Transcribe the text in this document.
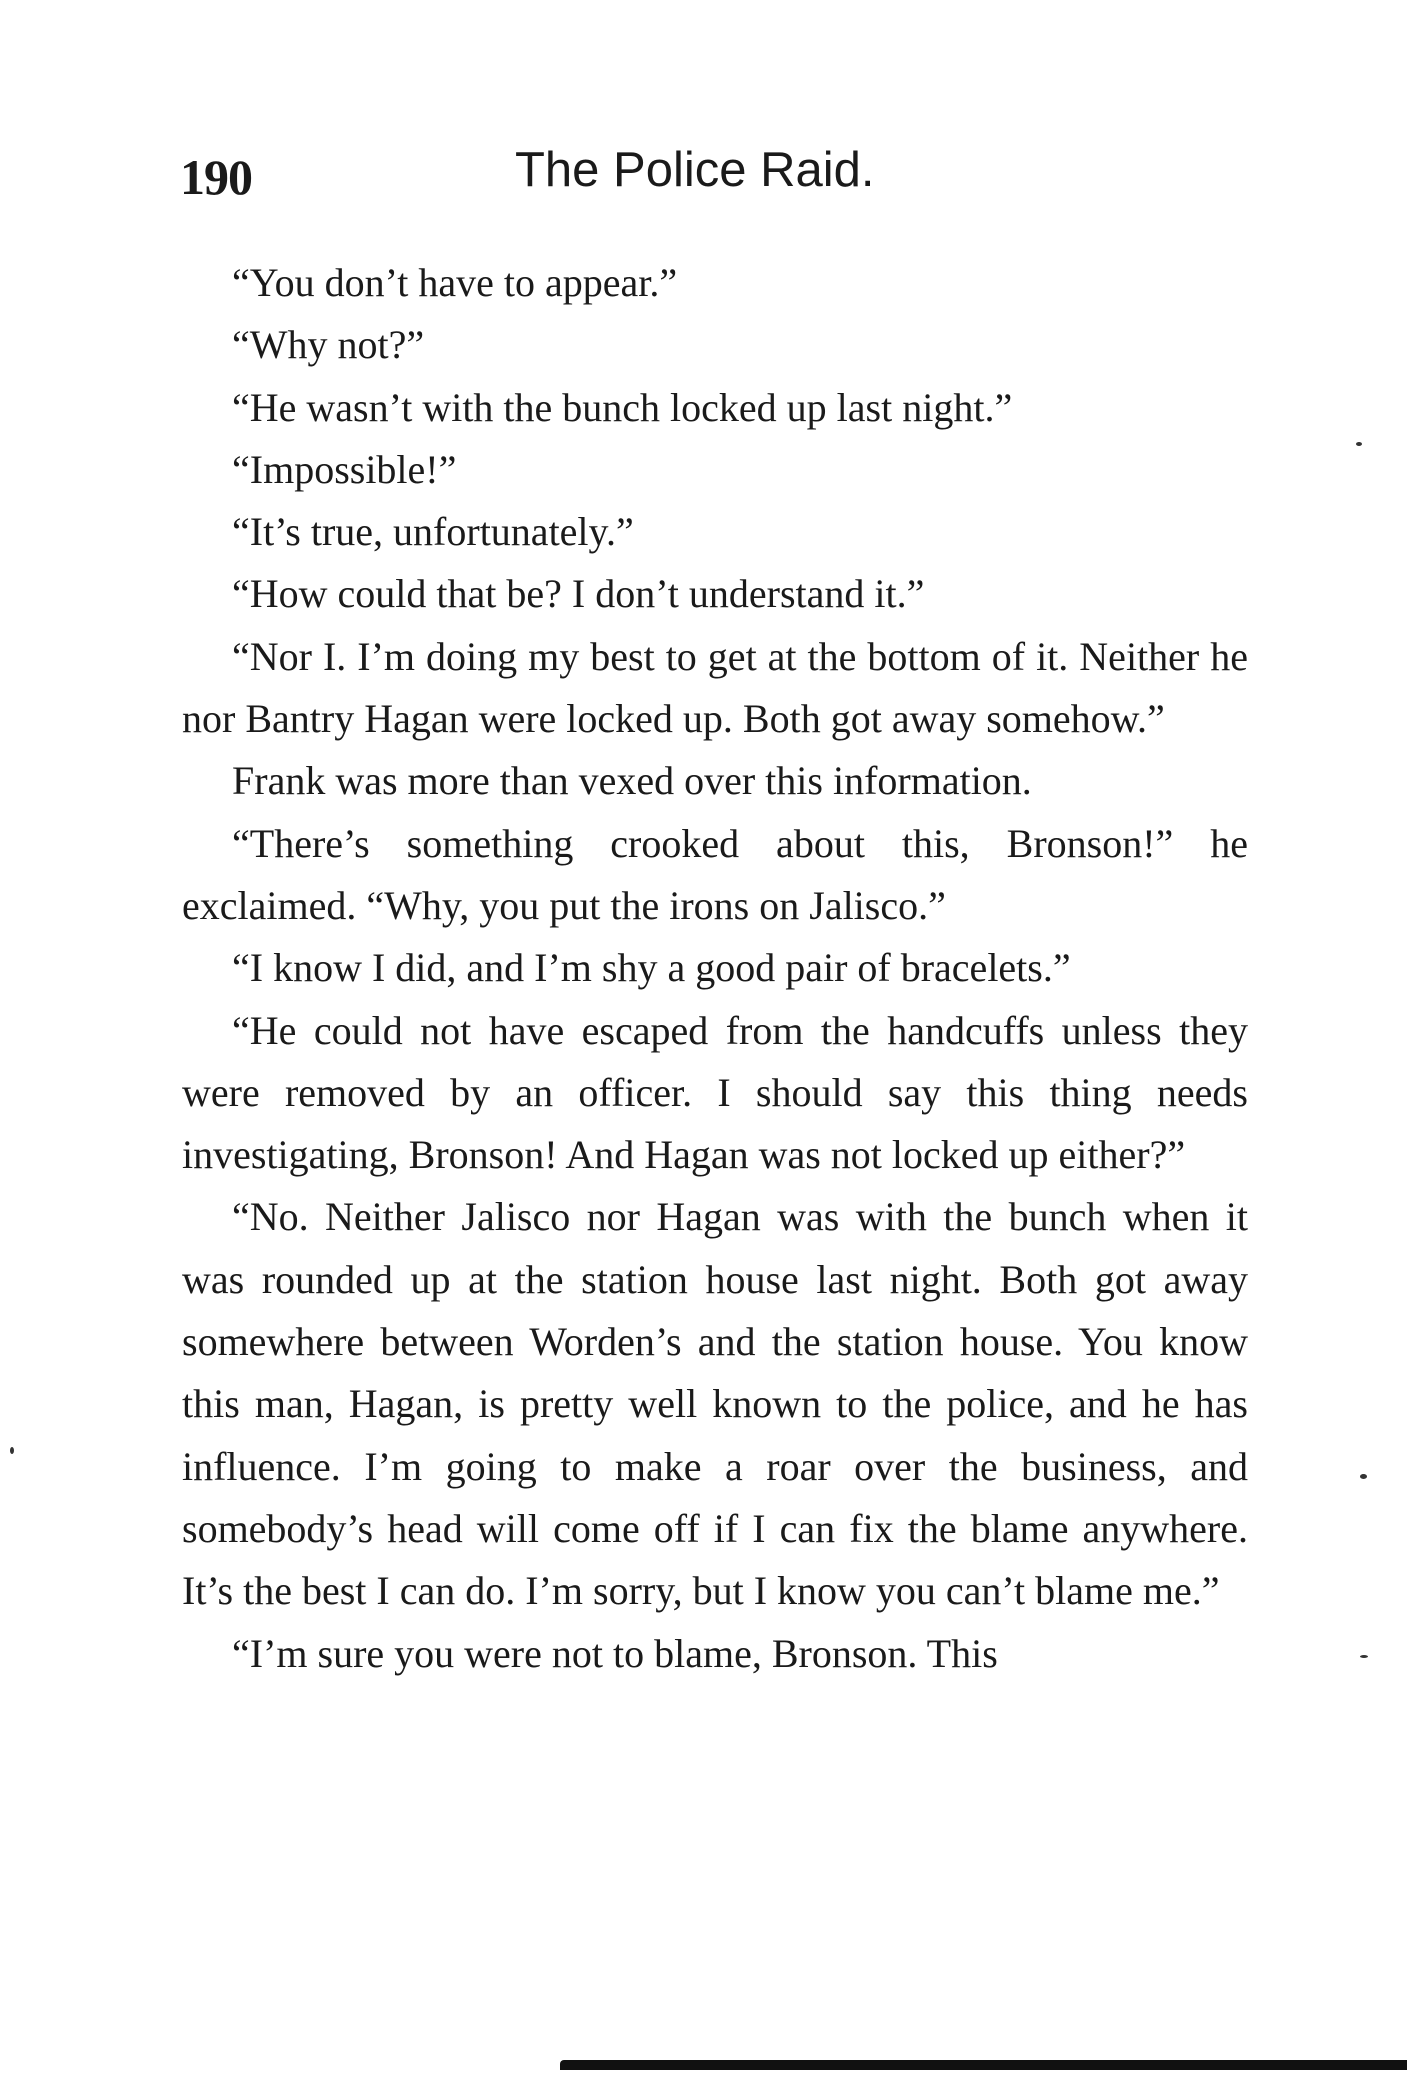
190	The Police Raid.

“You don’t have to appear.”

“Why not?”

“He wasn’t with the bunch locked up last night.”

“Impossible!”

“It’s true, unfortunately.”

“How could that be? I don’t understand it.”

“Nor I. I’m doing my best to get at the bottom of it. Neither he nor Bantry Hagan were locked up. Both got away somehow.”

Frank was more than vexed over this information.

“There’s something crooked about this, Bronson!” he exclaimed. “Why, you put the irons on Jalisco.”

“I know I did, and I’m shy a good pair of bracelets.”

“He could not have escaped from the handcuffs unless they were removed by an officer. I should say this thing needs investigating, Bronson! And Hagan was not locked up either?”

“No. Neither Jalisco nor Hagan was with the bunch when it was rounded up at the station house last night. Both got away somewhere between Worden’s and the station house. You know this man, Hagan, is pretty well known to the police, and he has influence. I’m going to make a roar over the business, and somebody’s head will come off if I can fix the blame anywhere. It’s the best I can do. I’m sorry, but I know you can’t blame me.”

“I’m sure you were not to blame, Bronson. This
